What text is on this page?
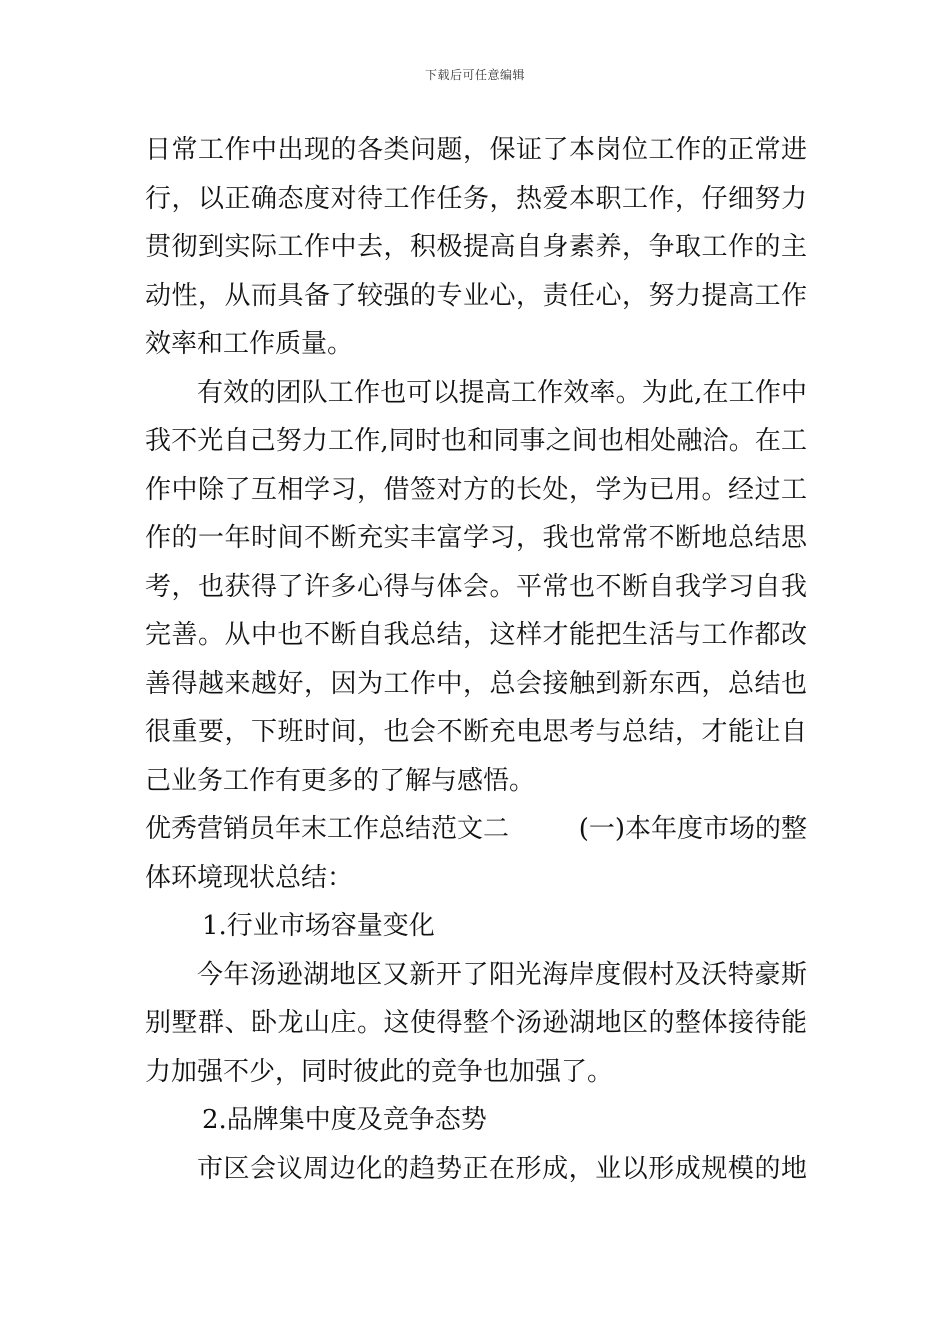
下载后可任意编辑
日常工作中出现的各类问题，保证了本岗位工作的正常进
行，以正确态度对待工作任务，热爱本职工作，仔细努力
贯彻到实际工作中去，积极提高自身素养，争取工作的主
动性，从而具备了较强的专业心，责任心，努力提高工作
效率和工作质量。
有效的团队工作也可以提高工作效率。为此,在工作中
我不光自己努力工作,同时也和同事之间也相处融洽。在工
作中除了互相学习，借签对方的长处，学为已用。经过工
作的一年时间不断充实丰富学习，我也常常不断地总结思
考，也获得了许多心得与体会。平常也不断自我学习自我
完善。从中也不断自我总结，这样才能把生活与工作都改
善得越来越好，因为工作中，总会接触到新东西，总结也
很重要，下班时间，也会不断充电思考与总结，才能让自
己业务工作有更多的了解与感悟。
优秀营销员年末工作总结范文二	(一)本年度市场的整
体环境现状总结：
1.行业市场容量变化
今年汤逊湖地区又新开了阳光海岸度假村及沃特豪斯
别墅群、卧龙山庄。这使得整个汤逊湖地区的整体接待能
力加强不少，同时彼此的竞争也加强了。
2.品牌集中度及竞争态势
市区会议周边化的趋势正在形成，业以形成规模的地
